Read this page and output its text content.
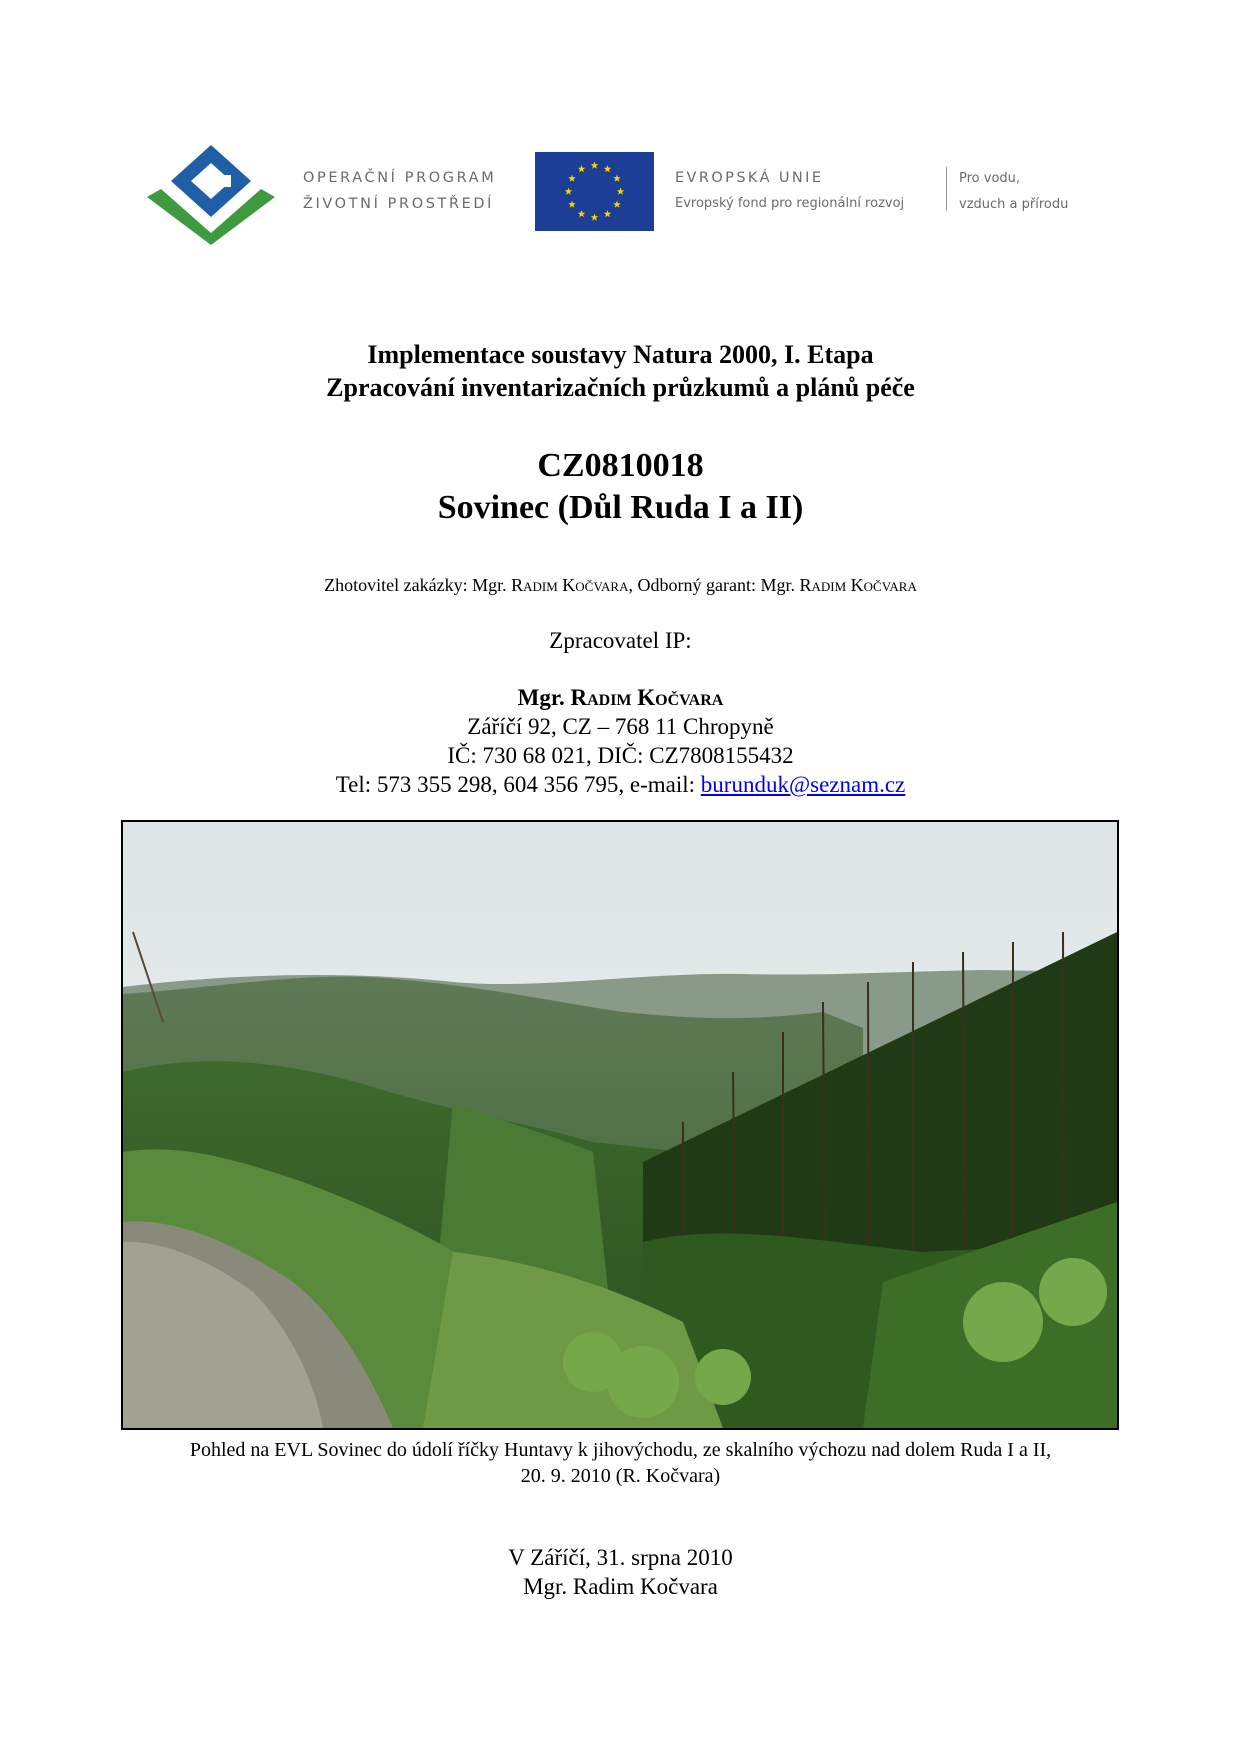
OPERAČNÍ PROGRAM
ŽIVOTNÍ PROSTŘEDÍ
EVROPSKÁ UNIE
Evropský fond pro regionální rozvoj
Pro vodu,
vzduch a přírodu
Implementace soustavy Natura 2000, I. Etapa
Zpracování inventarizačních průzkumů a plánů péče
CZ0810018
Sovinec (Důl Ruda I a II)
Zhotovitel zakázky: Mgr. Radim Kočvara, Odborný garant: Mgr. Radim Kočvara
Zpracovatel IP:
Mgr. Radim Kočvara
Záříčí 92, CZ – 768 11 Chropyně
IČ: 730 68 021, DIČ: CZ7808155432
Tel: 573 355 298, 604 356 795, e-mail: burunduk@seznam.cz
Pohled na EVL Sovinec do údolí říčky Huntavy k jihovýchodu, ze skalního výchozu nad dolem Ruda I a II,
20. 9. 2010 (R. Kočvara)
V Záříčí, 31. srpna 2010
Mgr. Radim Kočvara
